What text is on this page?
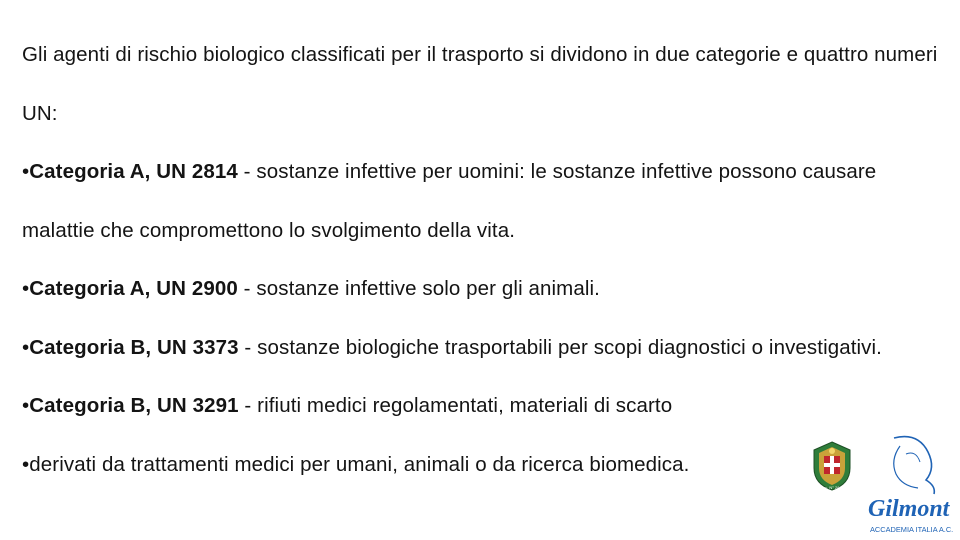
Gli agenti di rischio biologico classificati per il trasporto si dividono in due categorie e quattro numeri UN:

•Categoria A, UN 2814 - sostanze infettive per uomini: le sostanze infettive possono causare malattie che compromettono lo svolgimento della vita.

•Categoria A, UN 2900 - sostanze infettive solo per gli animali.

•Categoria B, UN 3373 - sostanze biologiche trasportabili per scopi diagnostici o investigativi.

•Categoria B, UN 3291 - rifiuti medici regolamentati, materiali di scarto

•derivati da trattamenti medici per umani, animali o da ricerca biomedica.

Dec. N° 2620
Gilmont
ACCADEMIA ITALIA A.C.
